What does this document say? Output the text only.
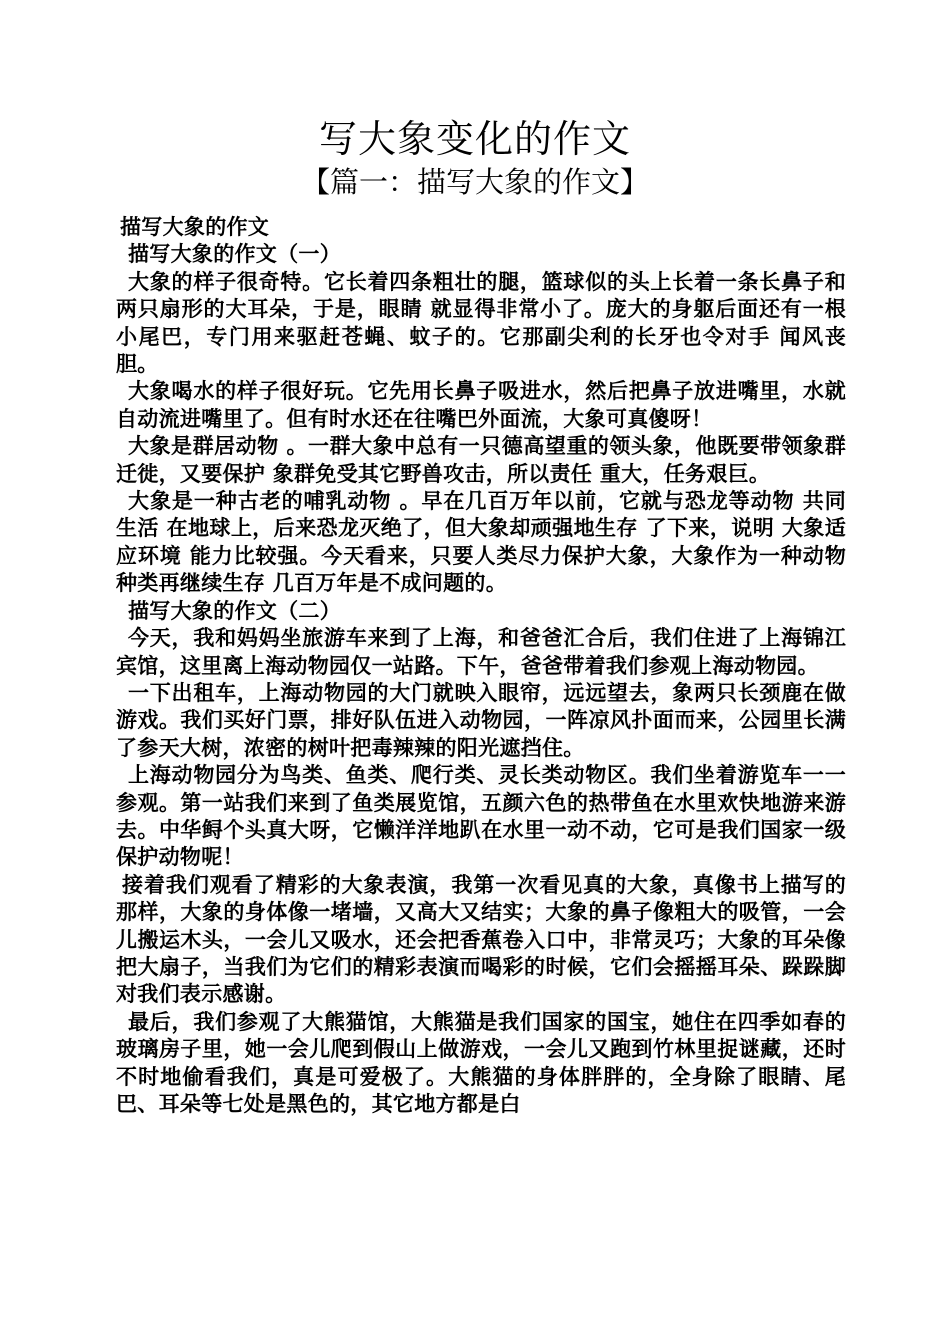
写大象变化的作文
【篇一：描写大象的作文】

描写大象的作文

描写大象的作文（一）

大象的样子很奇特。它长着四条粗壮的腿，篮球似的头上长着一条长鼻子和两只扇形的大耳朵，于是，眼睛 就显得非常小了。庞大的身躯后面还有一根小尾巴，专门用来驱赶苍蝇、蚊子的。它那副尖利的长牙也令对手 闻风丧胆。

大象喝水的样子很好玩。它先用长鼻子吸进水，然后把鼻子放进嘴里，水就自动流进嘴里了。但有时水还在往嘴巴外面流，大象可真傻呀！

大象是群居动物 。一群大象中总有一只德高望重的领头象，他既要带领象群迁徙，又要保护 象群免受其它野兽攻击，所以责任 重大，任务艰巨。

大象是一种古老的哺乳动物 。早在几百万年以前，它就与恐龙等动物 共同生活 在地球上，后来恐龙灭绝了，但大象却顽强地生存 了下来，说明 大象适应环境 能力比较强。今天看来，只要人类尽力保护大象，大象作为一种动物 种类再继续生存 几百万年是不成问题的。

描写大象的作文（二）

今天，我和妈妈坐旅游车来到了上海，和爸爸汇合后，我们住进了上海锦江宾馆，这里离上海动物园仅一站路。下午，爸爸带着我们参观上海动物园。

一下出租车，上海动物园的大门就映入眼帘，远远望去，象两只长颈鹿在做游戏。我们买好门票，排好队伍进入动物园，一阵凉风扑面而来，公园里长满了参天大树，浓密的树叶把毒辣辣的阳光遮挡住。

上海动物园分为鸟类、鱼类、爬行类、灵长类动物区。我们坐着游览车一一参观。第一站我们来到了鱼类展览馆，五颜六色的热带鱼在水里欢快地游来游去。中华鲟个头真大呀，它懒洋洋地趴在水里一动不动，它可是我们国家一级保护动物呢！

接着我们观看了精彩的大象表演，我第一次看见真的大象，真像书上描写的那样，大象的身体像一堵墙，又高大又结实；大象的鼻子像粗大的吸管，一会儿搬运木头，一会儿又吸水，还会把香蕉卷入口中，非常灵巧；大象的耳朵像把大扇子，当我们为它们的精彩表演而喝彩的时候，它们会摇摇耳朵、跺跺脚对我们表示感谢。

最后，我们参观了大熊猫馆，大熊猫是我们国家的国宝，她住在四季如春的玻璃房子里，她一会儿爬到假山上做游戏，一会儿又跑到竹林里捉谜藏，还时不时地偷看我们，真是可爱极了。大熊猫的身体胖胖的，全身除了眼睛、尾巴、耳朵等七处是黑色的，其它地方都是白
